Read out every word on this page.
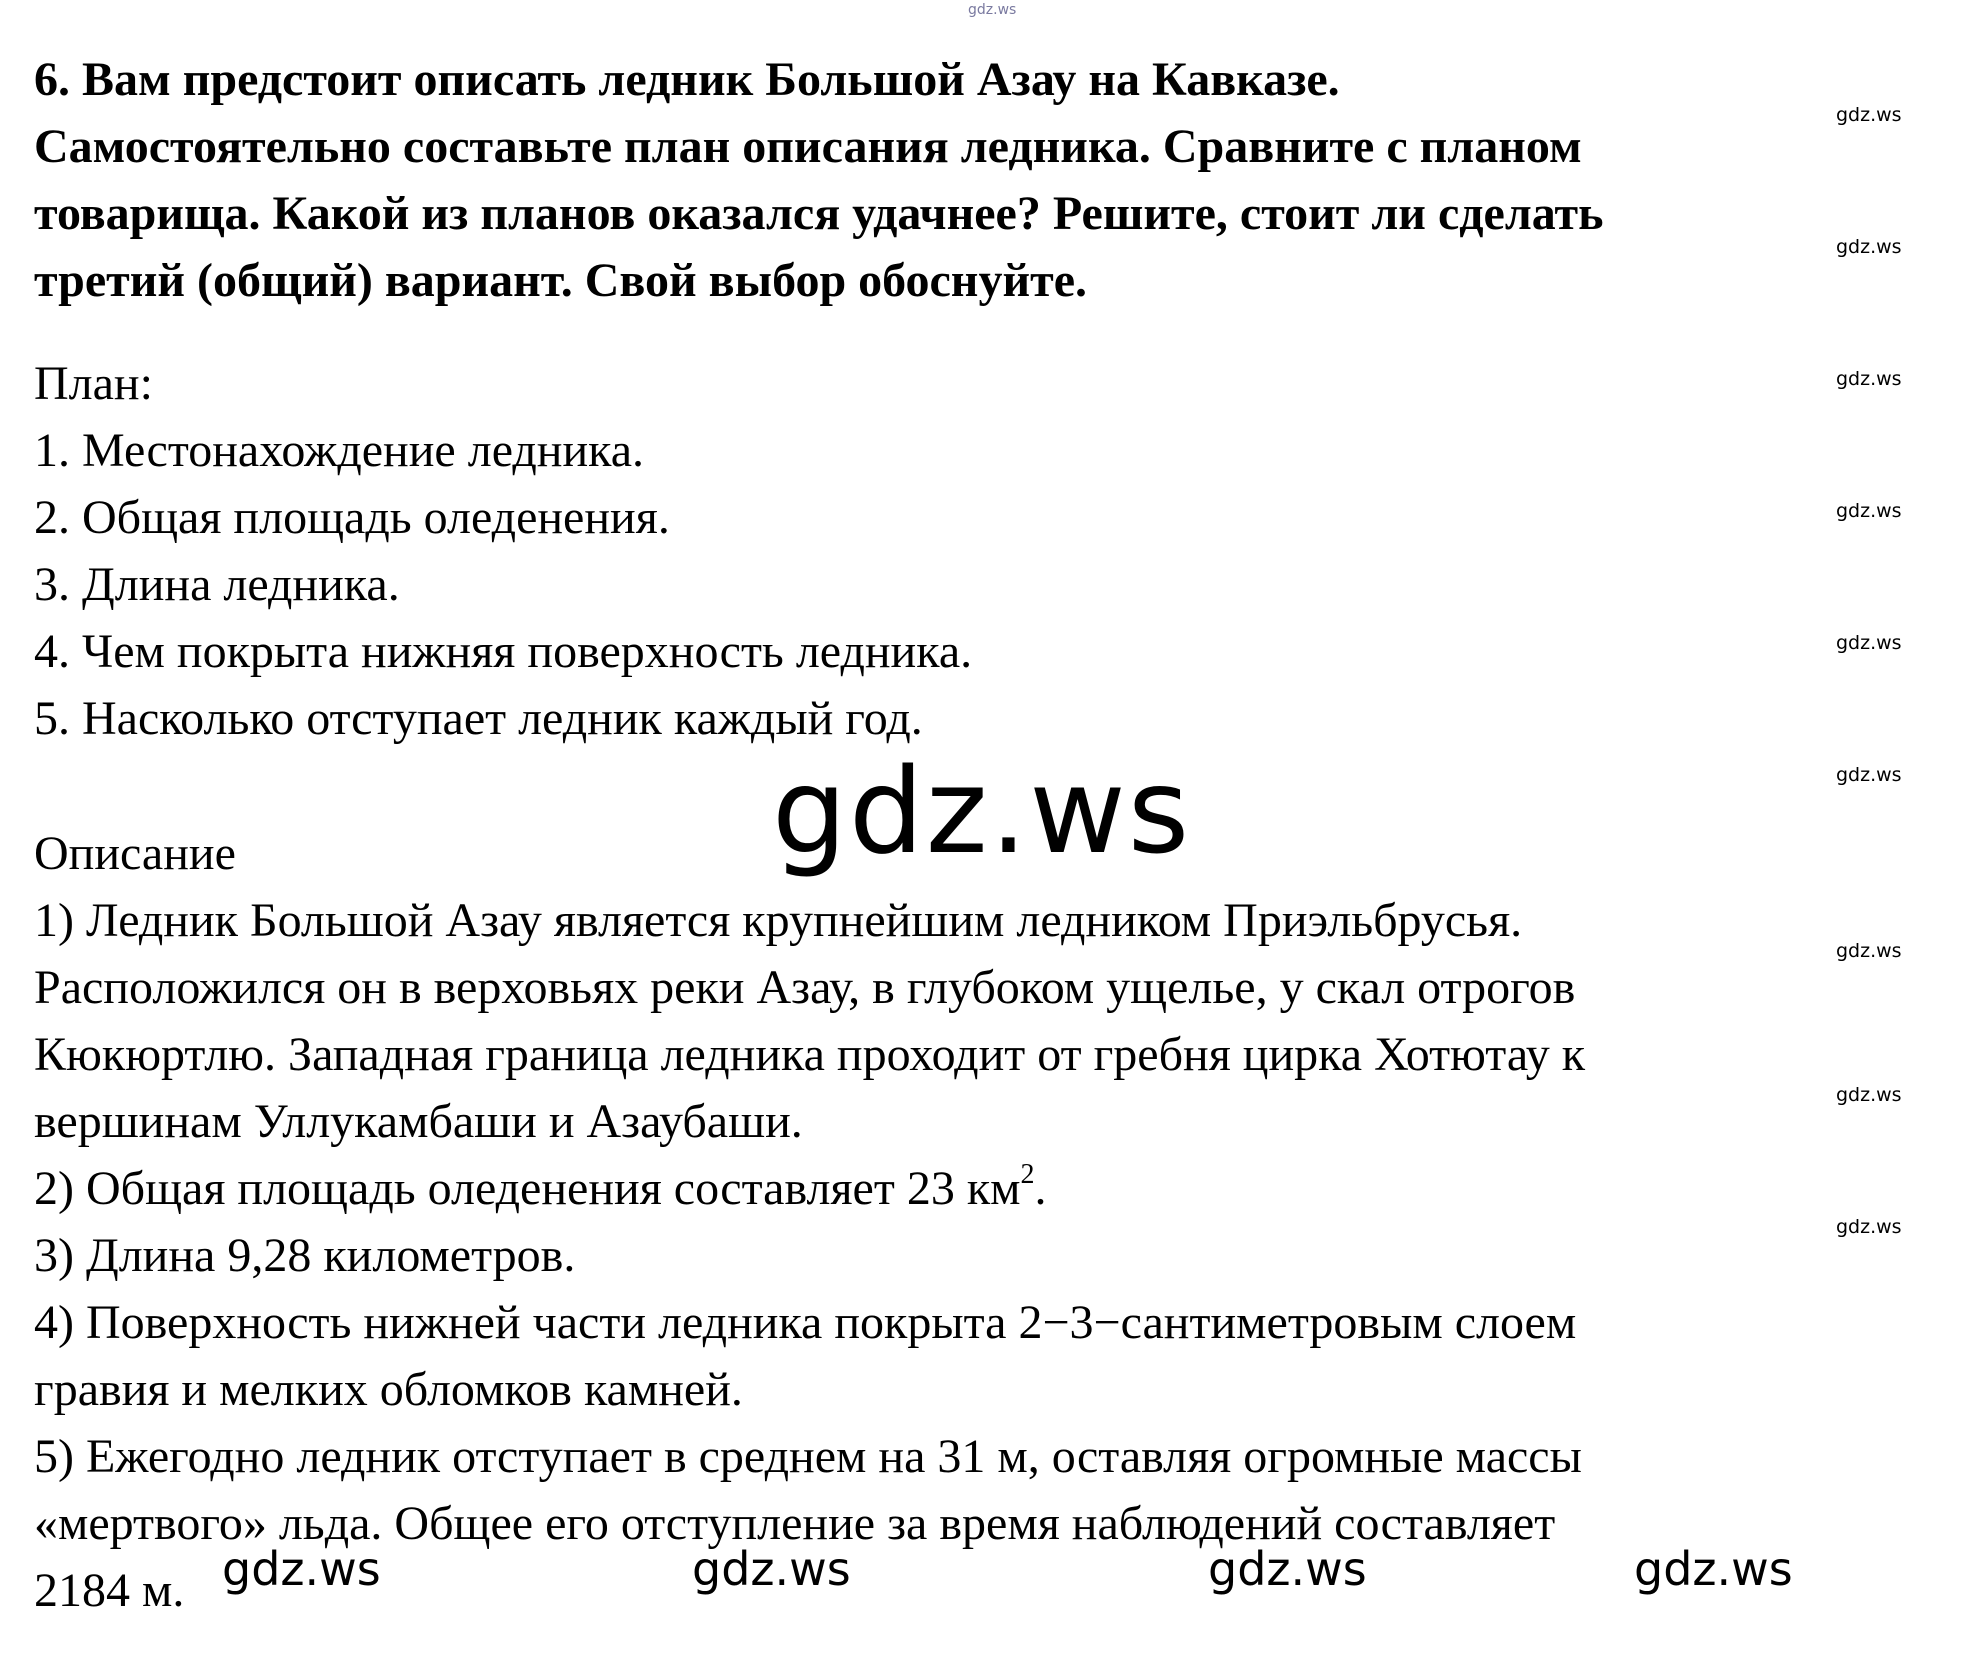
gdz.ws
6. Вам предстоит описать ледник Большой Азау на Кавказе.
Самостоятельно составьте план описания ледника. Сравните с планом
товарища. Какой из планов оказался удачнее? Решите, стоит ли сделать
третий (общий) вариант. Свой выбор обоснуйте.
План:
1. Местонахождение ледника.
2. Общая площадь оледенения.
3. Длина ледника.
4. Чем покрыта нижняя поверхность ледника.
5. Насколько отступает ледник каждый год.
gdz.ws
Описание
1) Ледник Большой Азау является крупнейшим ледником Приэльбрусья.
Расположился он в верховьях реки Азау, в глубоком ущелье, у скал отрогов
Кюкюртлю. Западная граница ледника проходит от гребня цирка Хотютау к
вершинам Уллукамбаши и Азаубаши.
2) Общая площадь оледенения составляет 23 $км^2$.
3) Длина 9,28 километров.
4) Поверхность нижней части ледника покрыта 2−3−сантиметровым слоем
гравия и мелких обломков камней.
5) Ежегодно ледник отступает в среднем на 31 м, оставляя огромные массы
«мертвого» льда. Общее его отступление за время наблюдений составляет
2184 м.
gdz.ws
gdz.ws
gdz.ws
gdz.ws
gdz.ws
gdz.ws
gdz.ws
gdz.ws
gdz.ws
gdz.ws	gdz.ws	gdz.ws	gdz.ws
